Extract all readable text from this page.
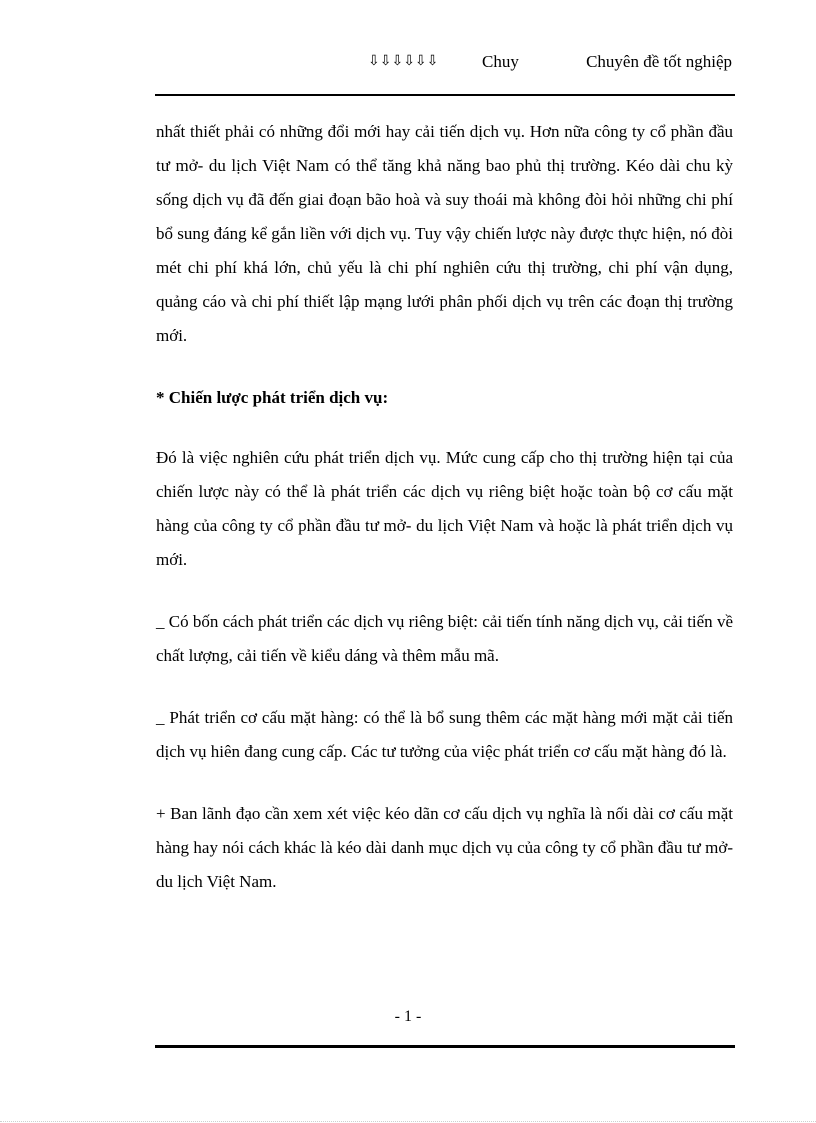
⇩⇩⇩⇩⇩⇩	Chuy	Chuyên đề tốt nghiệp

nhất thiết phải có những đổi mới hay cải tiến dịch vụ. Hơn nữa công ty cổ phần đầu tư mở- du lịch Việt Nam có thể tăng khả năng bao phủ thị trường. Kéo dài chu kỳ sống dịch vụ đã đến giai đoạn bão hoà và suy thoái mà không đòi hỏi những chi phí bổ sung đáng kể gắn liền với dịch vụ. Tuy vậy chiến lược này được thực hiện, nó đòi mét chi phí khá lớn, chủ yếu là chi phí nghiên cứu thị trường, chi phí vận dụng, quảng cáo và chi phí thiết lập mạng lưới phân phối dịch vụ trên các đoạn thị trường mới.

* Chiến lược phát triển dịch vụ:

Đó là việc nghiên cứu phát triển dịch vụ. Mức cung cấp cho thị trường hiện tại của chiến lược này có thể là phát triển các dịch vụ riêng biệt hoặc toàn bộ cơ cấu mặt hàng của công ty cổ phần đầu tư mở- du lịch Việt Nam và hoặc là phát triển dịch vụ mới.

_ Có bốn cách phát triển các dịch vụ riêng biệt: cải tiến tính năng dịch vụ, cải tiến về chất lượng, cải tiến về kiểu dáng và thêm mẫu mã.

_ Phát triển cơ cấu mặt hàng: có thể là bổ sung thêm các mặt hàng mới mặt cải tiến dịch vụ hiên đang cung cấp. Các tư tưởng của việc phát triển cơ cấu mặt hàng đó là.

+ Ban lãnh đạo cần xem xét việc kéo dãn cơ cấu dịch vụ nghĩa là nối dài cơ cấu mặt hàng hay nói cách khác là kéo dài danh mục dịch vụ của công ty cổ phần đầu tư mở- du lịch Việt Nam.

- 1 -
